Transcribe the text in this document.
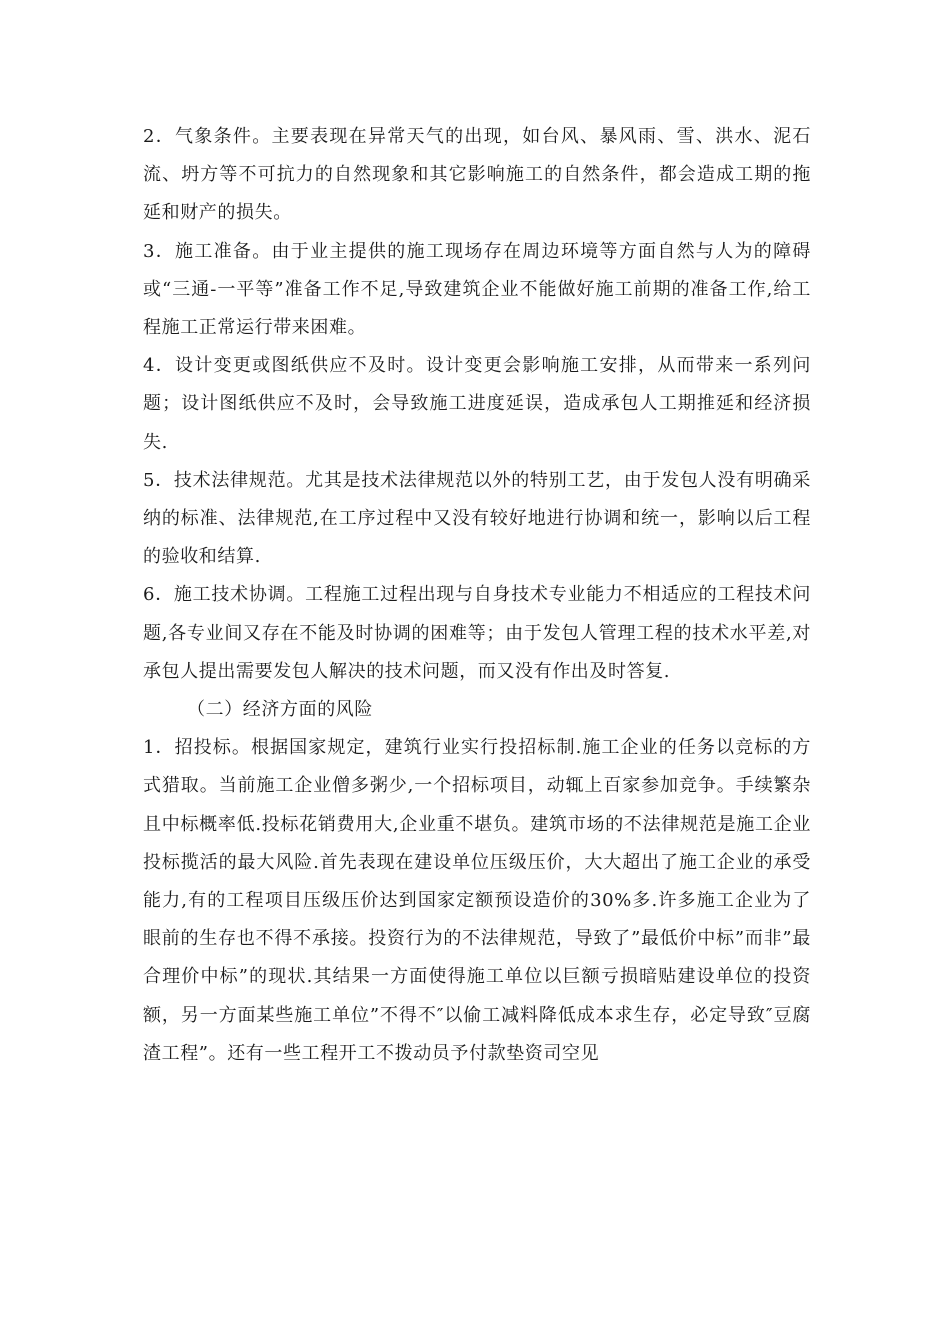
2．气象条件。主要表现在异常天气的出现，如台风、暴风雨、雪、洪水、泥石流、坍方等不可抗力的自然现象和其它影响施工的自然条件，都会造成工期的拖延和财产的损失。

3．施工准备。由于业主提供的施工现场存在周边环境等方面自然与人为的障碍或“三通-一平等”准备工作不足,导致建筑企业不能做好施工前期的准备工作,给工程施工正常运行带来困难。

4．设计变更或图纸供应不及时。设计变更会影响施工安排，从而带来一系列问题；设计图纸供应不及时，会导致施工进度延误，造成承包人工期推延和经济损失.

5．技术法律规范。尤其是技术法律规范以外的特别工艺，由于发包人没有明确采纳的标准、法律规范,在工序过程中又没有较好地进行协调和统一，影响以后工程的验收和结算.

6．施工技术协调。工程施工过程出现与自身技术专业能力不相适应的工程技术问题,各专业间又存在不能及时协调的困难等；由于发包人管理工程的技术水平差,对承包人提出需要发包人解决的技术问题，而又没有作出及时答复.

（二）经济方面的风险

1．招投标。根据国家规定，建筑行业实行投招标制.施工企业的任务以竞标的方式猎取。当前施工企业僧多粥少,一个招标项目，动辄上百家参加竞争。手续繁杂且中标概率低.投标花销费用大,企业重不堪负。建筑市场的不法律规范是施工企业投标揽活的最大风险.首先表现在建设单位压级压价，大大超出了施工企业的承受能力,有的工程项目压级压价达到国家定额预设造价的30%多.许多施工企业为了眼前的生存也不得不承接。投资行为的不法律规范，导致了”最低价中标”而非”最合理价中标”的现状.其结果一方面使得施工单位以巨额亏损暗贴建设单位的投资额，另一方面某些施工单位”不得不″以偷工减料降低成本求生存，必定导致″豆腐渣工程”。还有一些工程开工不拨动员予付款垫资司空见
